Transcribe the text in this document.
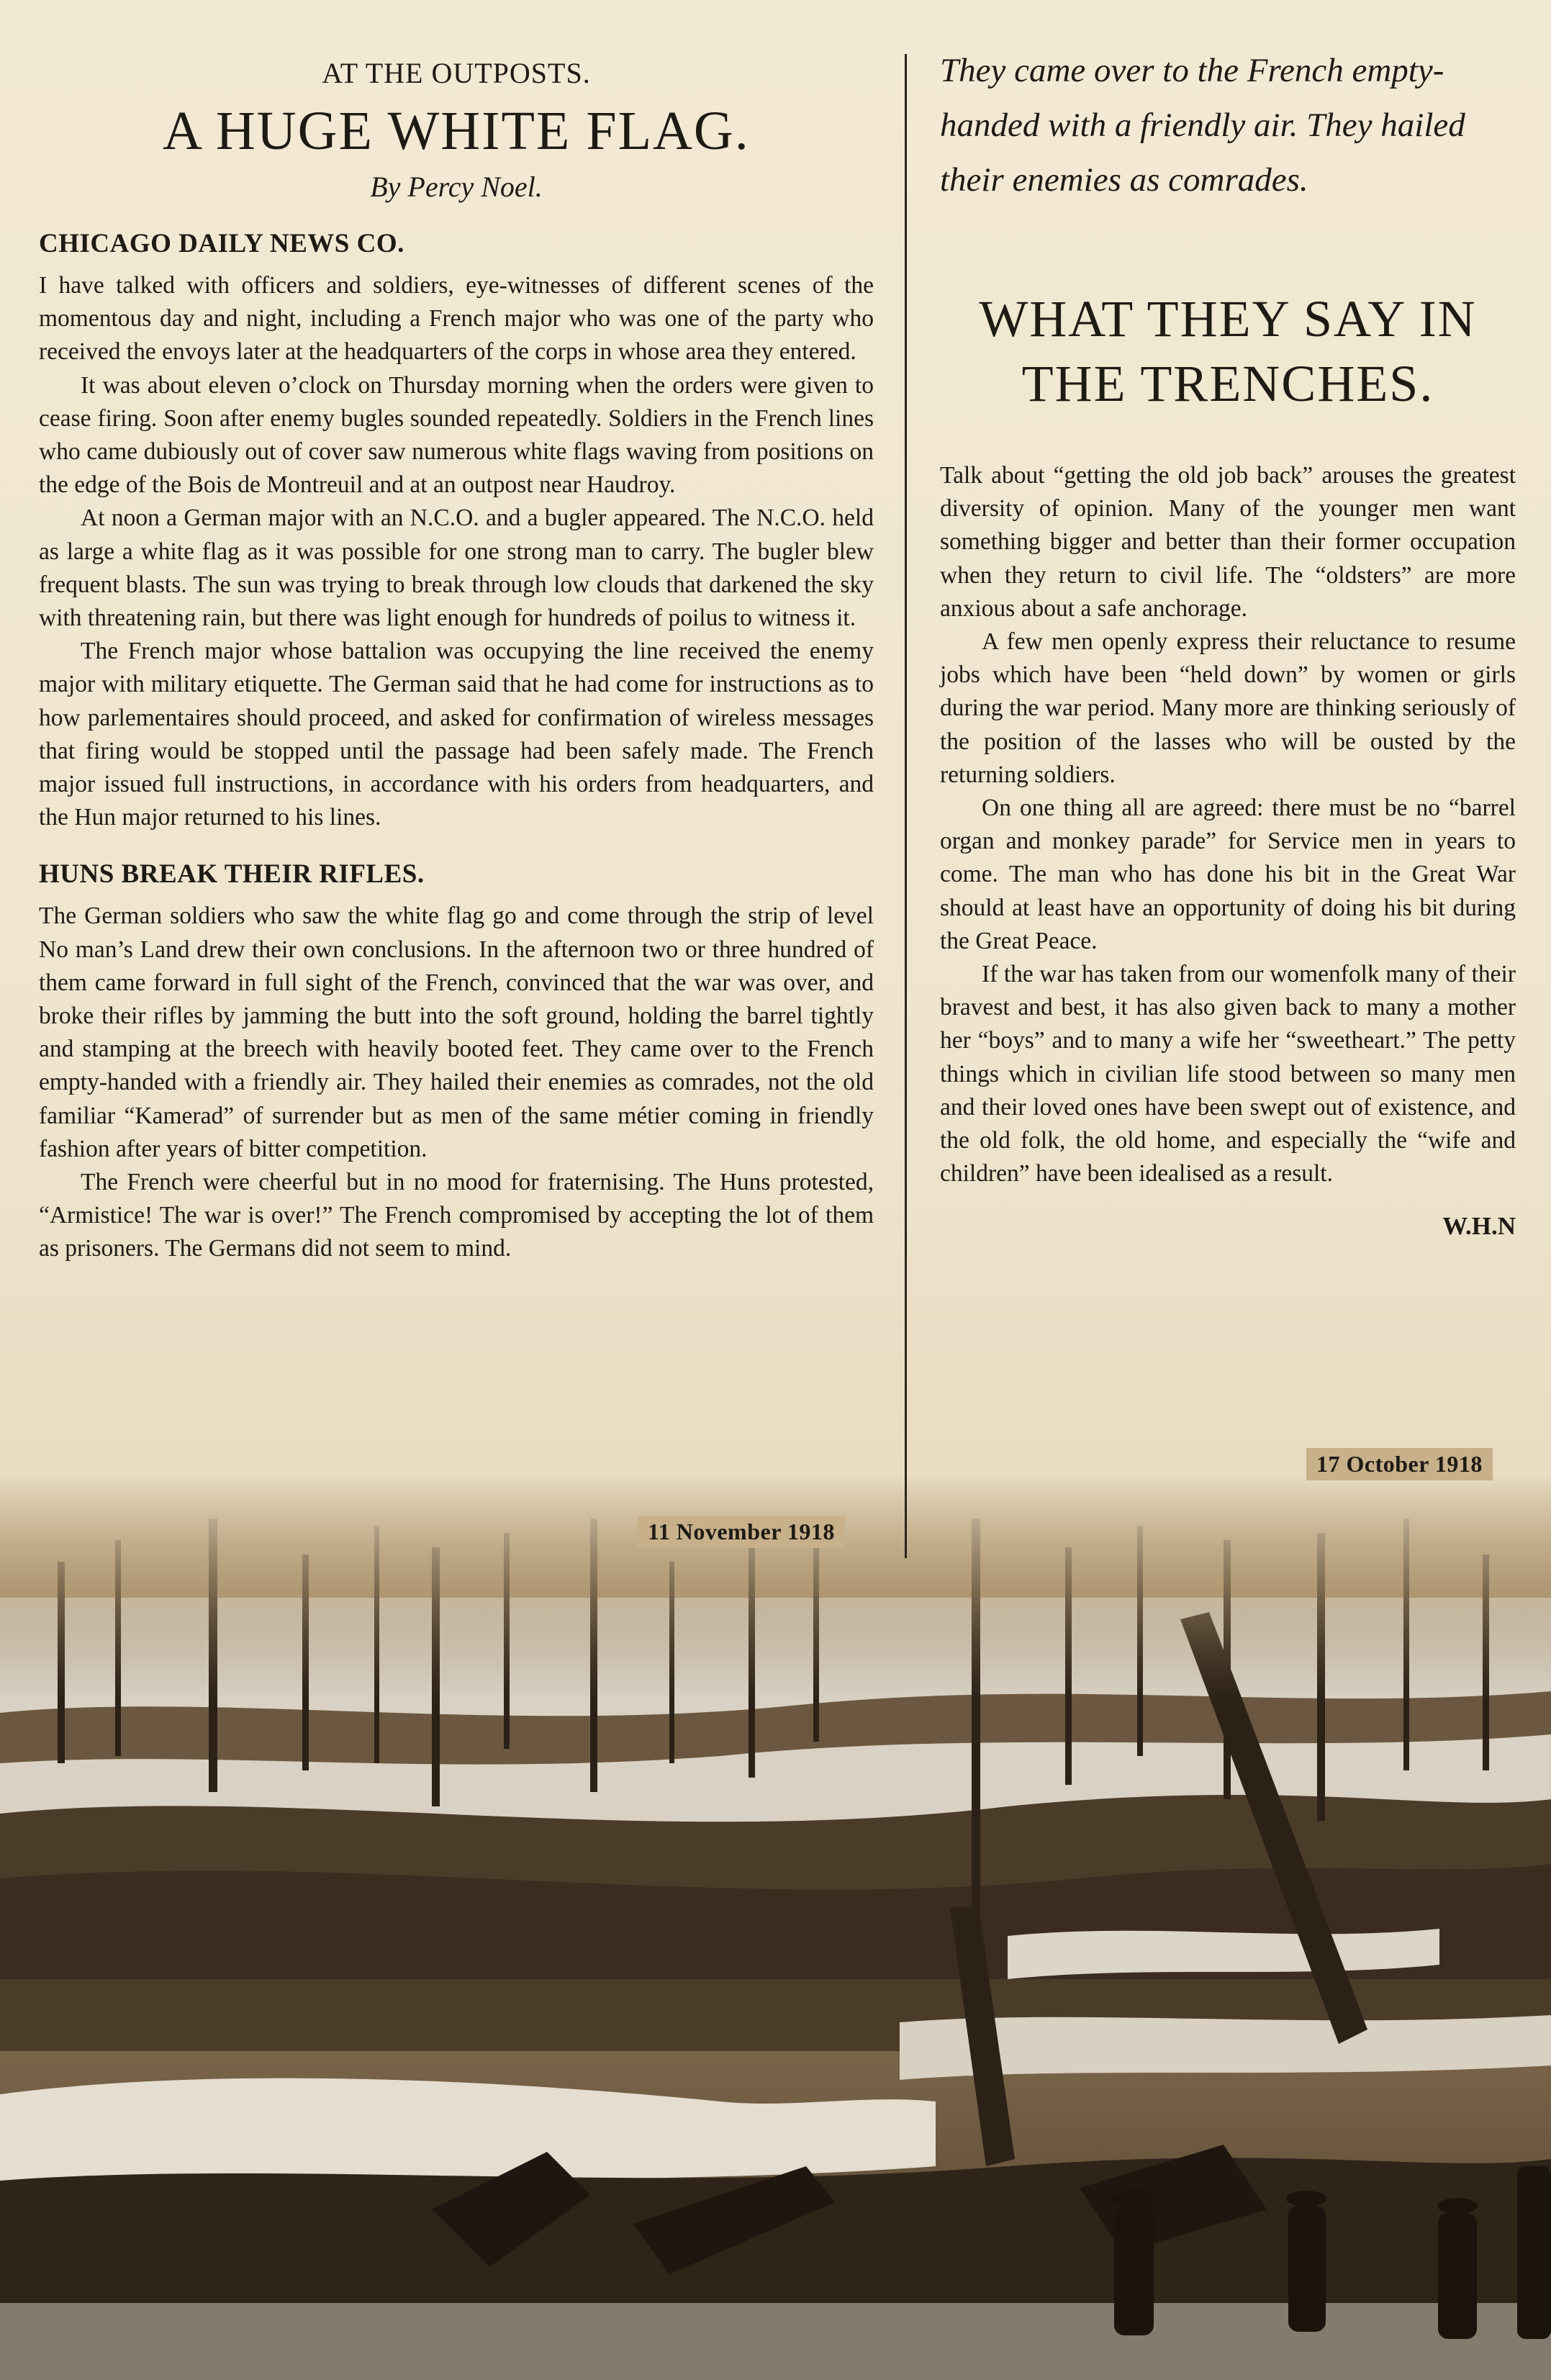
AT THE OUTPOSTS.
A HUGE WHITE FLAG.
By Percy Noel.
CHICAGO DAILY NEWS CO.

I have talked with officers and soldiers, eye-witnesses of different scenes of the momentous day and night, including a French major who was one of the party who received the envoys later at the headquarters of the corps in whose area they entered.

It was about eleven o’clock on Thursday morning when the orders were given to cease firing. Soon after enemy bugles sounded repeatedly. Soldiers in the French lines who came dubiously out of cover saw numerous white flags waving from positions on the edge of the Bois de Montreuil and at an outpost near Haudroy.

At noon a German major with an N.C.O. and a bugler appeared. The N.C.O. held as large a white flag as it was possible for one strong man to carry. The bugler blew frequent blasts. The sun was trying to break through low clouds that darkened the sky with threatening rain, but there was light enough for hundreds of poilus to witness it.

The French major whose battalion was occupying the line received the enemy major with military etiquette. The German said that he had come for instructions as to how parlementaires should proceed, and asked for confirmation of wireless messages that firing would be stopped until the passage had been safely made. The French major issued full instructions, in accordance with his orders from headquarters, and the Hun major returned to his lines.

HUNS BREAK THEIR RIFLES.

The German soldiers who saw the white flag go and come through the strip of level No man’s Land drew their own conclusions. In the afternoon two or three hundred of them came forward in full sight of the French, convinced that the war was over, and broke their rifles by jamming the butt into the soft ground, holding the barrel tightly and stamping at the breech with heavily booted feet. They came over to the French empty-handed with a friendly air. They hailed their enemies as comrades, not the old familiar “Kamerad” of surrender but as men of the same métier coming in friendly fashion after years of bitter competition.

The French were cheerful but in no mood for fraternising. The Huns protested, “Armistice! The war is over!” The French compromised by accepting the lot of them as prisoners. The Germans did not seem to mind.

11 November 1918
They came over to the French empty-handed with a friendly air. They hailed their enemies as comrades.
WHAT THEY SAY IN THE TRENCHES.

Talk about “getting the old job back” arouses the greatest diversity of opinion. Many of the younger men want something bigger and better than their former occupation when they return to civil life. The “oldsters” are more anxious about a safe anchorage.

A few men openly express their reluctance to resume jobs which have been “held down” by women or girls during the war period. Many more are thinking seriously of the position of the lasses who will be ousted by the returning soldiers.

On one thing all are agreed: there must be no “barrel organ and monkey parade” for Service men in years to come. The man who has done his bit in the Great War should at least have an opportunity of doing his bit during the Great Peace.

If the war has taken from our womenfolk many of their bravest and best, it has also given back to many a mother her “boys” and to many a wife her “sweetheart.” The petty things which in civilian life stood between so many men and their loved ones have been swept out of existence, and the old folk, the old home, and especially the “wife and children” have been idealised as a result.

W.H.N
17 October 1918
